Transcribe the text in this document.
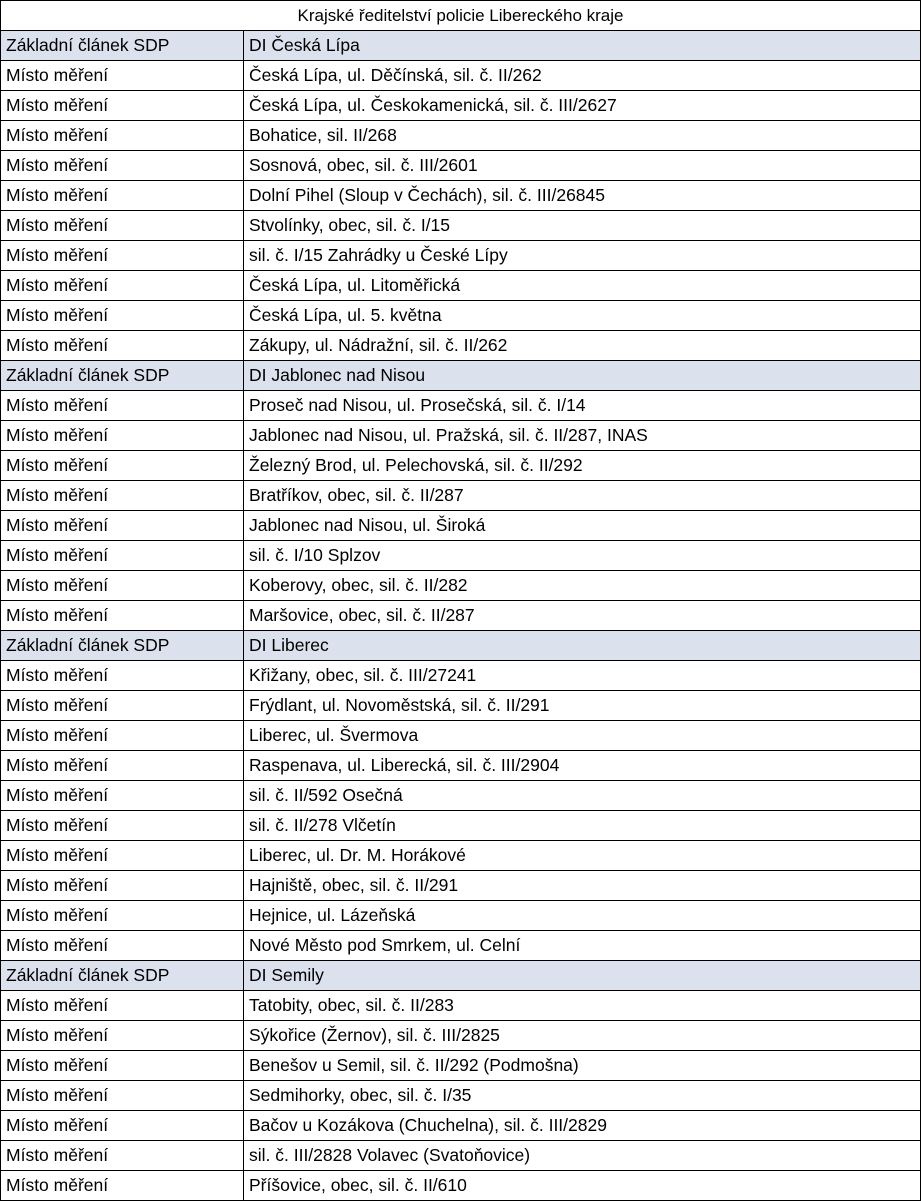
Krajské ředitelství policie Libereckého kraje	
Základní článek SDP	DI Česká Lípa
Místo měření	Česká Lípa, ul. Děčínská, sil. č. II/262
Místo měření	Česká Lípa, ul. Českokamenická, sil. č. III/2627
Místo měření	Bohatice, sil. II/268
Místo měření	Sosnová, obec, sil. č. III/2601
Místo měření	Dolní Pihel (Sloup v Čechách), sil. č. III/26845
Místo měření	Stvolínky, obec, sil. č. I/15
Místo měření	sil. č. I/15 Zahrádky u České Lípy
Místo měření	Česká Lípa, ul. Litoměřická
Místo měření	Česká Lípa, ul. 5. května
Místo měření	Zákupy, ul. Nádražní, sil. č. II/262
Základní článek SDP	DI Jablonec nad Nisou
Místo měření	Proseč nad Nisou, ul. Prosečská, sil. č. I/14
Místo měření	Jablonec nad Nisou, ul. Pražská, sil. č. II/287, INAS
Místo měření	Železný Brod, ul. Pelechovská, sil. č. II/292
Místo měření	Bratříkov, obec, sil. č. II/287
Místo měření	Jablonec nad Nisou, ul. Široká
Místo měření	sil. č. I/10 Splzov
Místo měření	Koberovy, obec, sil. č. II/282
Místo měření	Maršovice, obec, sil. č. II/287
Základní článek SDP	DI Liberec
Místo měření	Křižany, obec, sil. č. III/27241
Místo měření	Frýdlant, ul. Novoměstská, sil. č. II/291
Místo měření	Liberec, ul. Švermova
Místo měření	Raspenava, ul. Liberecká, sil. č. III/2904
Místo měření	sil. č. II/592 Osečná
Místo měření	sil. č. II/278 Vlčetín
Místo měření	Liberec, ul. Dr. M. Horákové
Místo měření	Hajniště, obec, sil. č. II/291
Místo měření	Hejnice, ul. Lázeňská
Místo měření	Nové Město pod Smrkem, ul. Celní
Základní článek SDP	DI Semily
Místo měření	Tatobity, obec, sil. č. II/283
Místo měření	Sýkořice (Žernov), sil. č. III/2825
Místo měření	Benešov u Semil, sil. č. II/292 (Podmošna)
Místo měření	Sedmihorky, obec, sil. č. I/35
Místo měření	Bačov u Kozákova (Chuchelna), sil. č. III/2829
Místo měření	sil. č. III/2828 Volavec (Svatoňovice)
Místo měření	Příšovice, obec, sil. č. II/610
